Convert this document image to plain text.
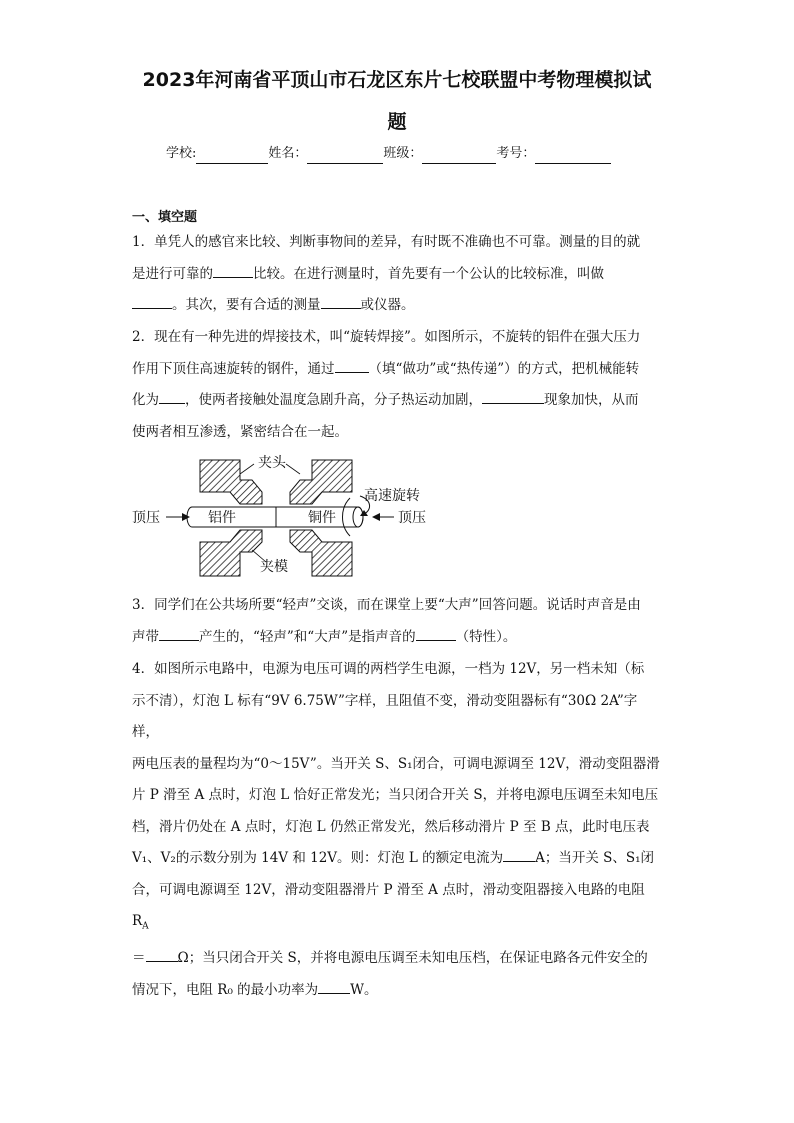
2023年河南省平顶山市石龙区东片七校联盟中考物理模拟试
题
学校:	姓名：	班级：	考号：
一、填空题
1．单凭人的感官来比较、判断事物间的差异，有时既不准确也不可靠。测量的目的就
是进行可靠的	比较。在进行测量时，首先要有一个公认的比较标准，叫做
。其次，要有合适的测量	或仪器。
2．现在有一种先进的焊接技术，叫“旋转焊接”。如图所示，不旋转的铝件在强大压力
作用下顶住高速旋转的钢件，通过	（填“做功”或“热传递”）的方式，把机械能转
化为 ，使两者接触处温度急剧升高，分子热运动加剧，	现象加快，从而
使两者相互渗透，紧密结合在一起。
夹头
高速旋转
顶压	顶压
铝件	铜件
夹模
3．同学们在公共场所要“轻声”交谈，而在课堂上要“大声”回答问题。说话时声音是由
声带	产生的，“轻声”和“大声”是指声音的	（特性）。
4．如图所示电路中，电源为电压可调的两档学生电源，一档为 12V，另一档未知（标
示不清），灯泡 L 标有“9V 6.75W”字样，且阻值不变，滑动变阻器标有“30Ω 2A”字样，
两电压表的量程均为“0～15V”。当开关 S、S₁闭合，可调电源调至 12V，滑动变阻器滑
片 P 滑至 A 点时，灯泡 L 恰好正常发光；当只闭合开关 S，并将电源电压调至未知电压
档，滑片仍处在 A 点时，灯泡 L 仍然正常发光，然后移动滑片 P 至 B 点，此时电压表
V₁、V₂的示数分别为 14V 和 12V。则：灯泡 L 的额定电流为 A；当开关 S、S₁闭
合，可调电源调至 12V，滑动变阻器滑片 P 滑至 A 点时，滑动变阻器接入电路的电阻 $R_A$
＝ Ω；当只闭合开关 S，并将电源电压调至未知电压档，在保证电路各元件安全的
情况下，电阻 R₀ 的最小功率为 W。
